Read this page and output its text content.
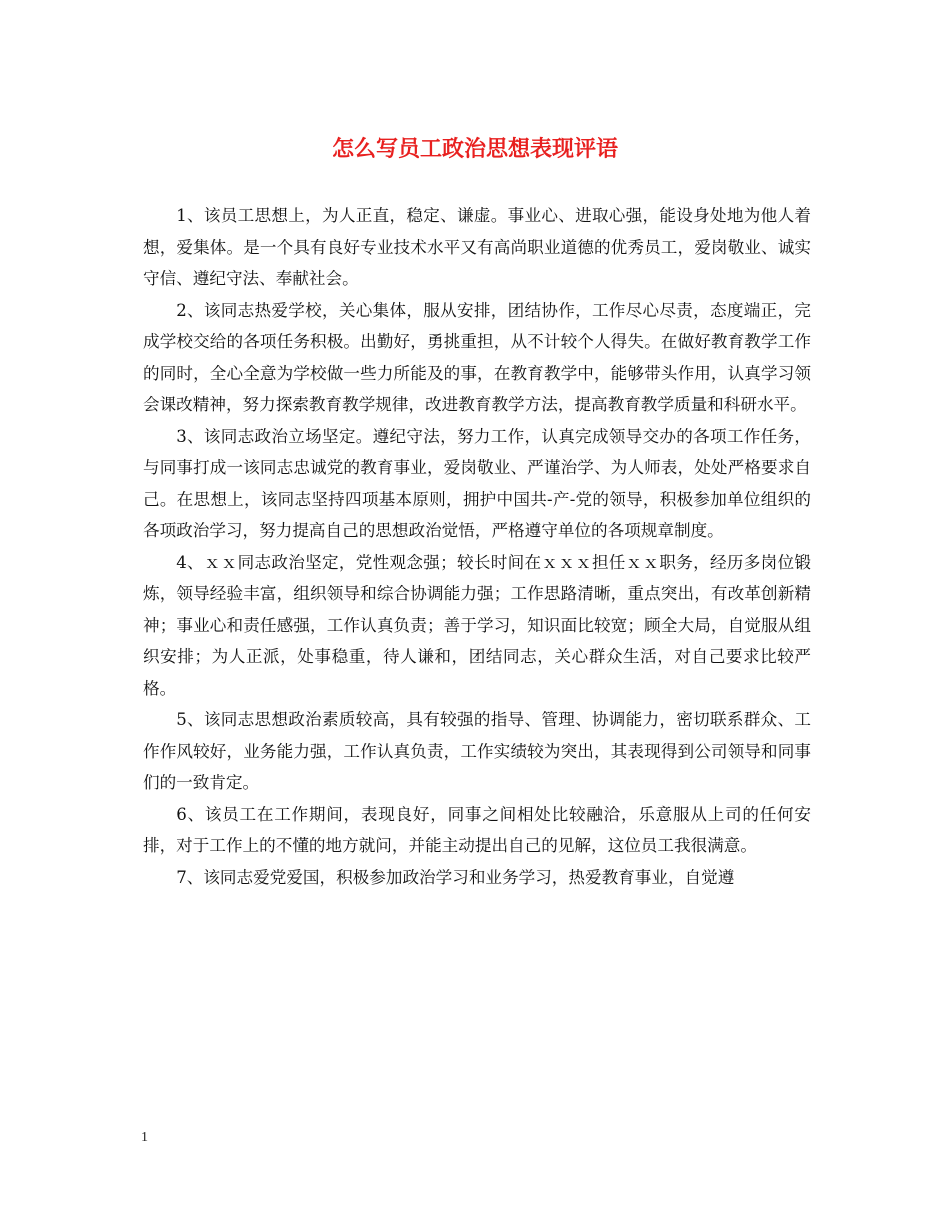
怎么写员工政治思想表现评语

1、该员工思想上，为人正直，稳定、谦虚。事业心、进取心强，能设身处地为他人着想，爱集体。是一个具有良好专业技术水平又有高尚职业道德的优秀员工，爱岗敬业、诚实守信、遵纪守法、奉献社会。

2、该同志热爱学校，关心集体，服从安排，团结协作，工作尽心尽责，态度端正，完成学校交给的各项任务积极。出勤好，勇挑重担，从不计较个人得失。在做好教育教学工作的同时，全心全意为学校做一些力所能及的事，在教育教学中，能够带头作用，认真学习领会课改精神，努力探索教育教学规律，改进教育教学方法，提高教育教学质量和科研水平。

3、该同志政治立场坚定。遵纪守法，努力工作，认真完成领导交办的各项工作任务，与同事打成一该同志忠诚党的教育事业，爱岗敬业、严谨治学、为人师表，处处严格要求自己。在思想上，该同志坚持四项基本原则，拥护中国共-产-党的领导，积极参加单位组织的各项政治学习，努力提高自己的思想政治觉悟，严格遵守单位的各项规章制度。

4、ｘｘ同志政治坚定，党性观念强；较长时间在ｘｘｘ担任ｘｘ职务，经历多岗位锻炼，领导经验丰富，组织领导和综合协调能力强；工作思路清晰，重点突出，有改革创新精神；事业心和责任感强，工作认真负责；善于学习，知识面比较宽；顾全大局，自觉服从组织安排；为人正派，处事稳重，待人谦和，团结同志，关心群众生活，对自己要求比较严格。

5、该同志思想政治素质较高，具有较强的指导、管理、协调能力，密切联系群众、工作作风较好，业务能力强，工作认真负责，工作实绩较为突出，其表现得到公司领导和同事们的一致肯定。

6、该员工在工作期间，表现良好，同事之间相处比较融洽，乐意服从上司的任何安排，对于工作上的不懂的地方就问，并能主动提出自己的见解，这位员工我很满意。

7、该同志爱党爱国，积极参加政治学习和业务学习，热爱教育事业，自觉遵

1
